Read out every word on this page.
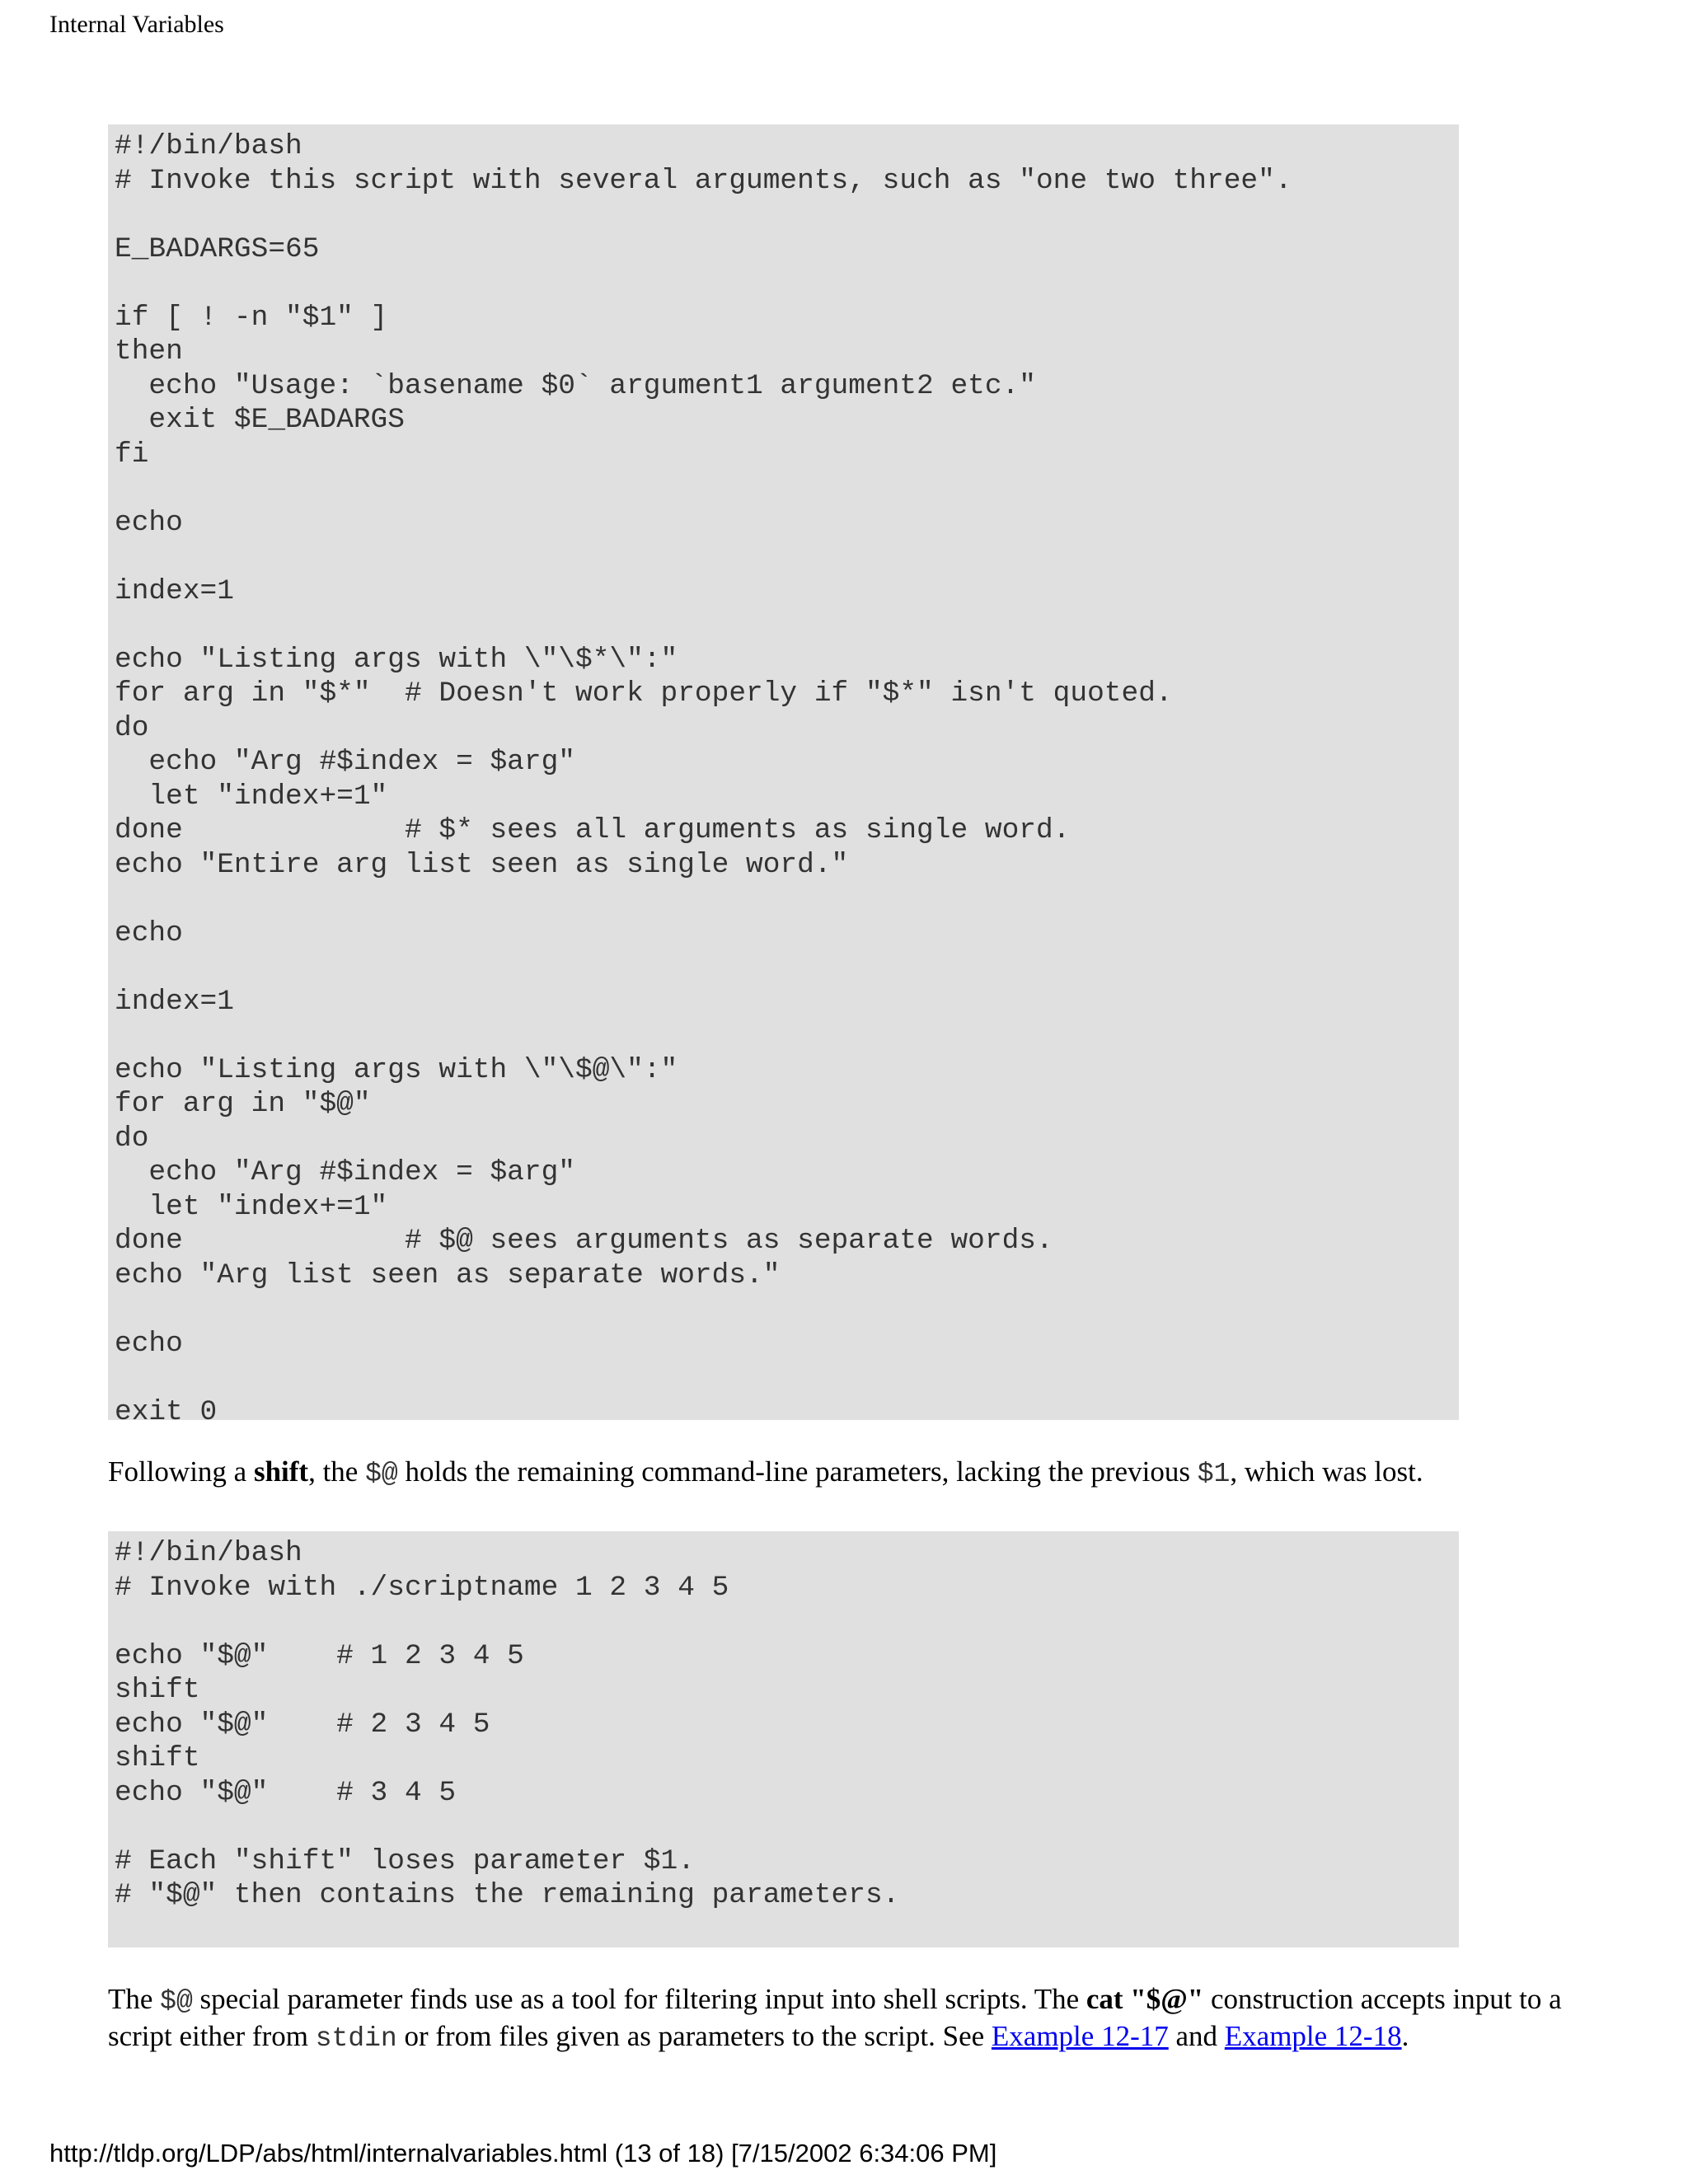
Internal Variables
#!/bin/bash
# Invoke this script with several arguments, such as "one two three".

E_BADARGS=65

if [ ! -n "$1" ]
then
echo "Usage: `basename $0` argument1 argument2 etc."
exit $E_BADARGS
fi

echo

index=1

echo "Listing args with \"\$*\":"
for arg in "$*"  # Doesn't work properly if "$*" isn't quoted.
do
echo "Arg #$index = $arg"
let "index+=1"
done             # $* sees all arguments as single word.
echo "Entire arg list seen as single word."

echo

index=1

echo "Listing args with \"\$@\":"
for arg in "$@"
do
echo "Arg #$index = $arg"
let "index+=1"
done             # $@ sees arguments as separate words.
echo "Arg list seen as separate words."

echo

exit 0
Following a shift, the $@ holds the remaining command-line parameters, lacking the previous $1, which was lost.
#!/bin/bash
# Invoke with ./scriptname 1 2 3 4 5

echo "$@"    # 1 2 3 4 5
shift
echo "$@"    # 2 3 4 5
shift
echo "$@"    # 3 4 5

# Each "shift" loses parameter $1.
# "$@" then contains the remaining parameters.
The $@ special parameter finds use as a tool for filtering input into shell scripts. The cat "$@" construction accepts input to a script either from stdin or from files given as parameters to the script. See Example 12-17 and Example 12-18.
http://tldp.org/LDP/abs/html/internalvariables.html (13 of 18) [7/15/2002 6:34:06 PM]
